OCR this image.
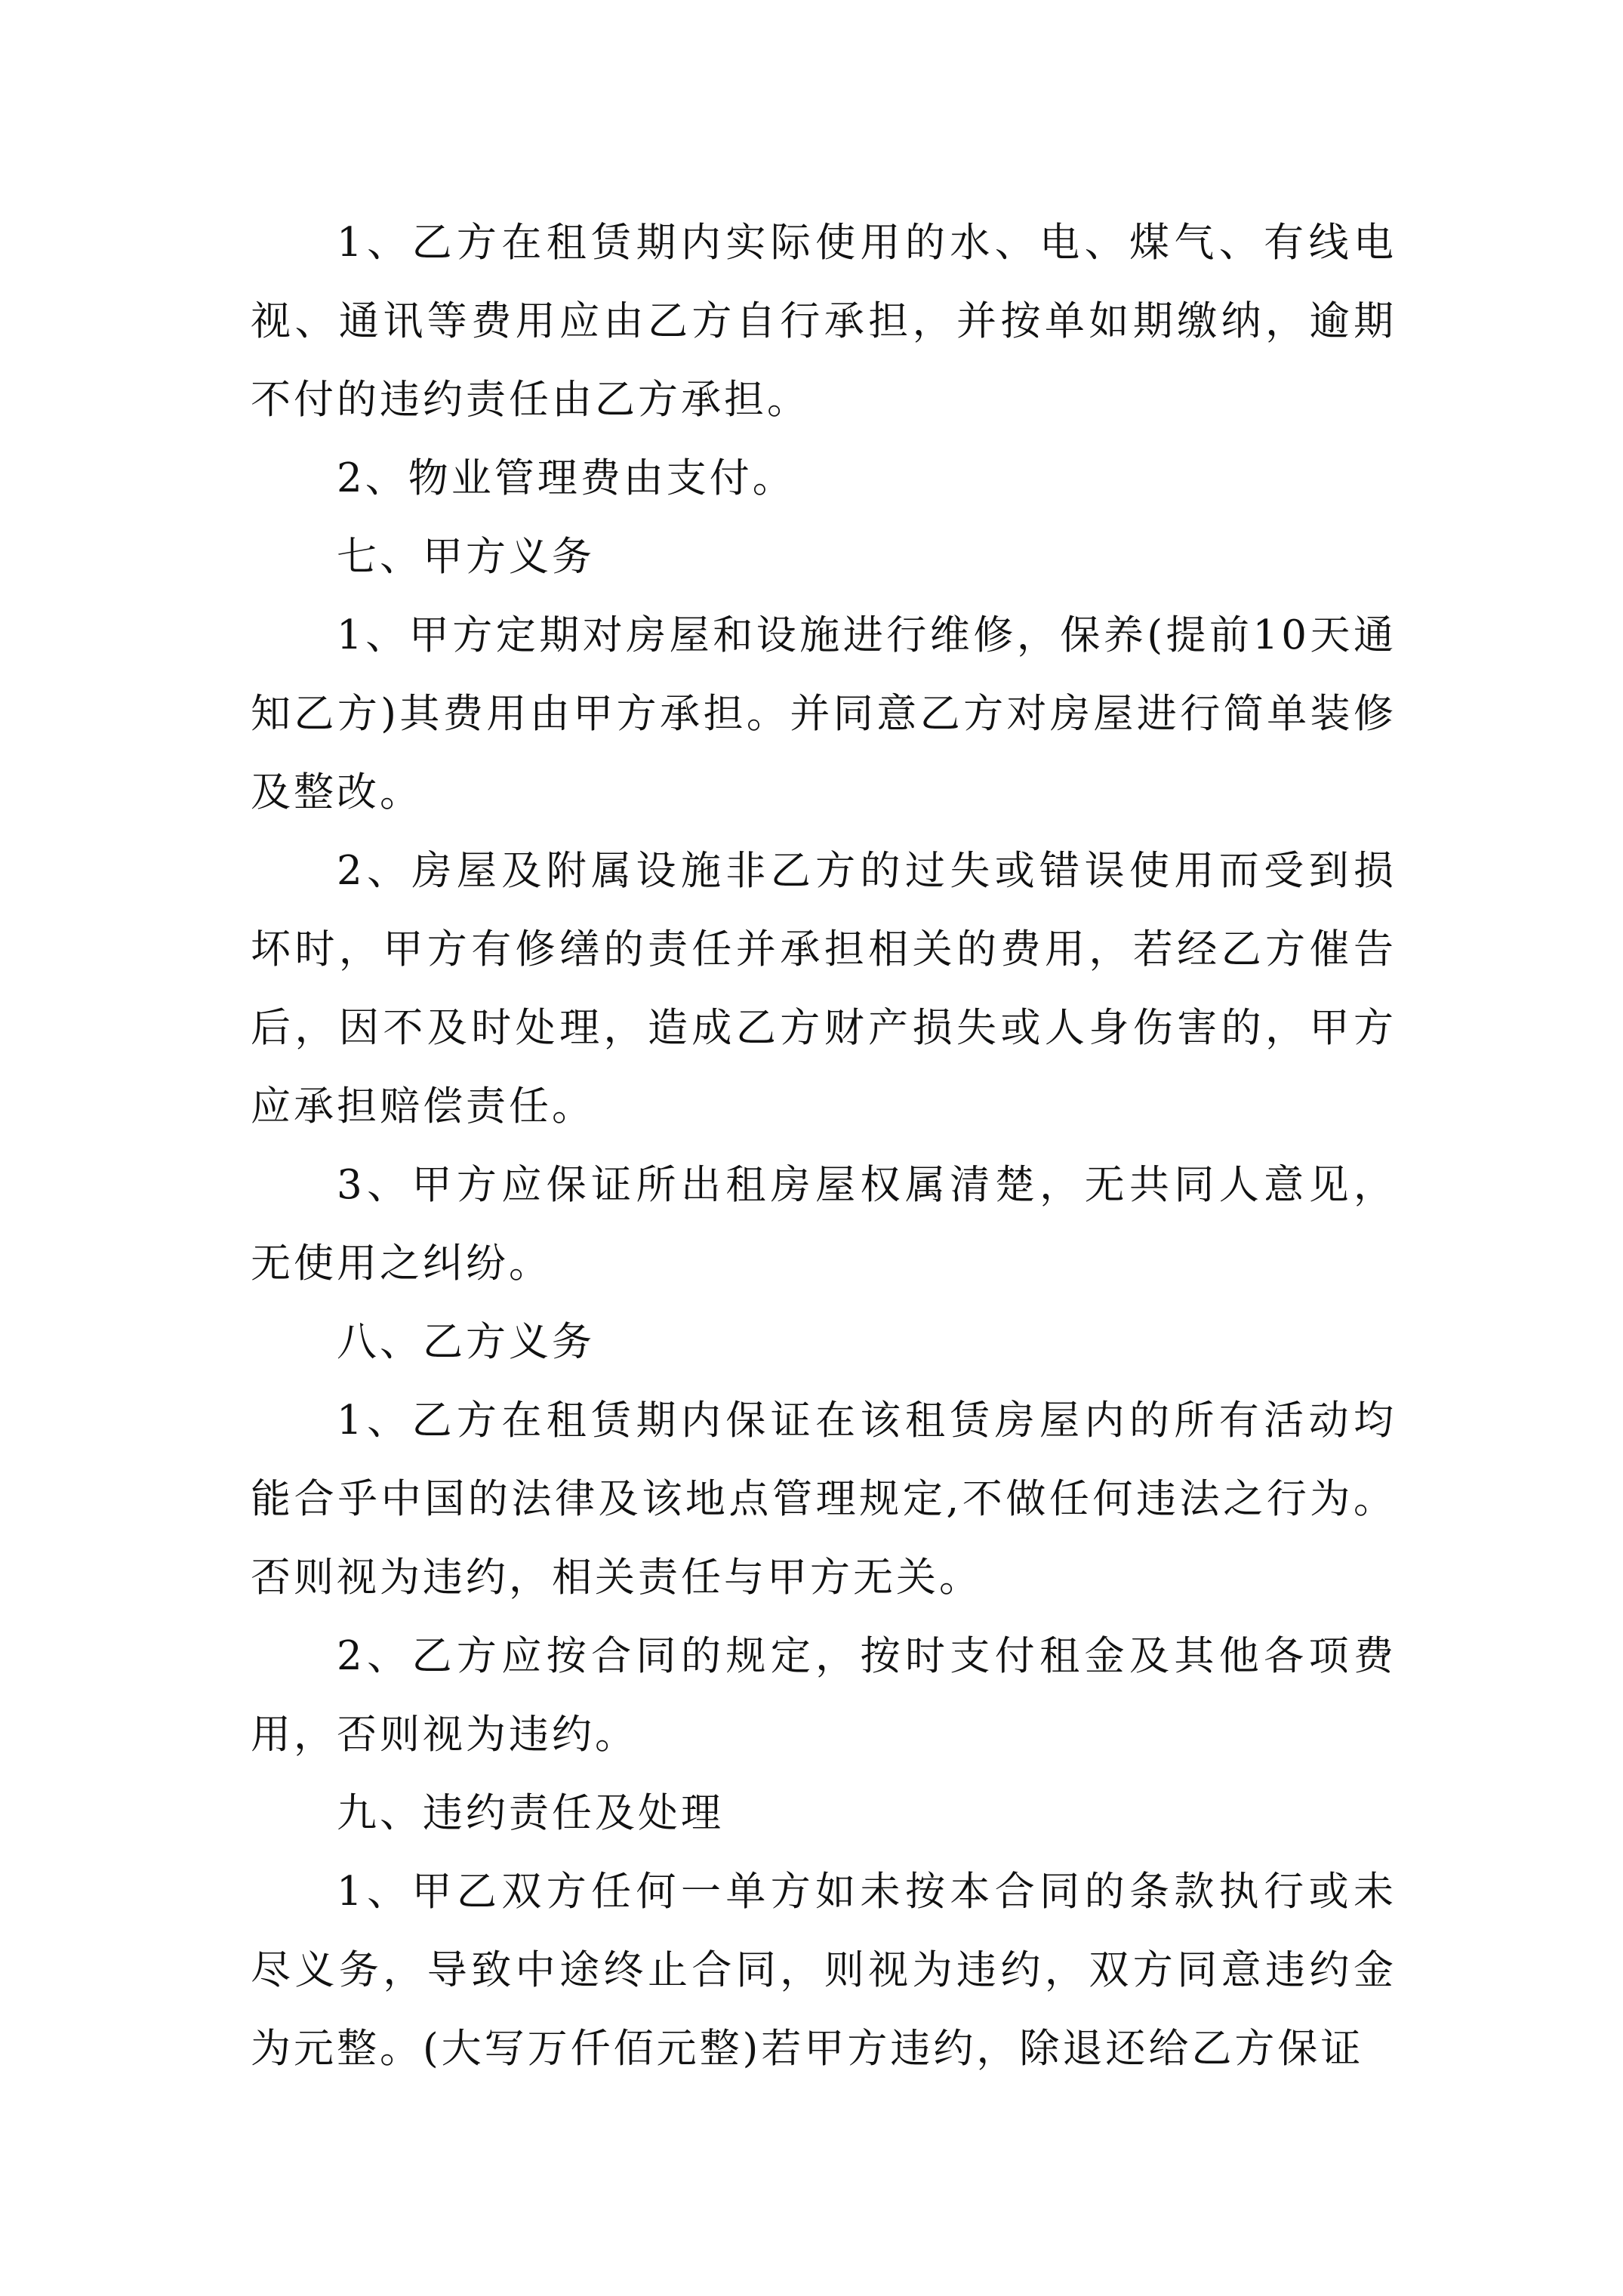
1、乙方在租赁期内实际使用的水、电、煤气、有线电视、通讯等费用应由乙方自行承担，并按单如期缴纳，逾期不付的违约责任由乙方承担。

2、物业管理费由支付。

七、甲方义务

1、甲方定期对房屋和设施进行维修，保养(提前10天通知乙方)其费用由甲方承担。并同意乙方对房屋进行简单装修及整改。

2、房屋及附属设施非乙方的过失或错误使用而受到损坏时，甲方有修缮的责任并承担相关的费用，若经乙方催告后，因不及时处理，造成乙方财产损失或人身伤害的，甲方应承担赔偿责任。

3、甲方应保证所出租房屋权属清楚，无共同人意见，无使用之纠纷。

八、乙方义务

1、乙方在租赁期内保证在该租赁房屋内的所有活动均能合乎中国的法律及该地点管理规定,不做任何违法之行为。否则视为违约，相关责任与甲方无关。

2、乙方应按合同的规定，按时支付租金及其他各项费用，否则视为违约。

九、违约责任及处理

1、甲乙双方任何一单方如未按本合同的条款执行或未尽义务，导致中途终止合同，则视为违约，双方同意违约金为元整。(大写万仟佰元整)若甲方违约，除退还给乙方保证
